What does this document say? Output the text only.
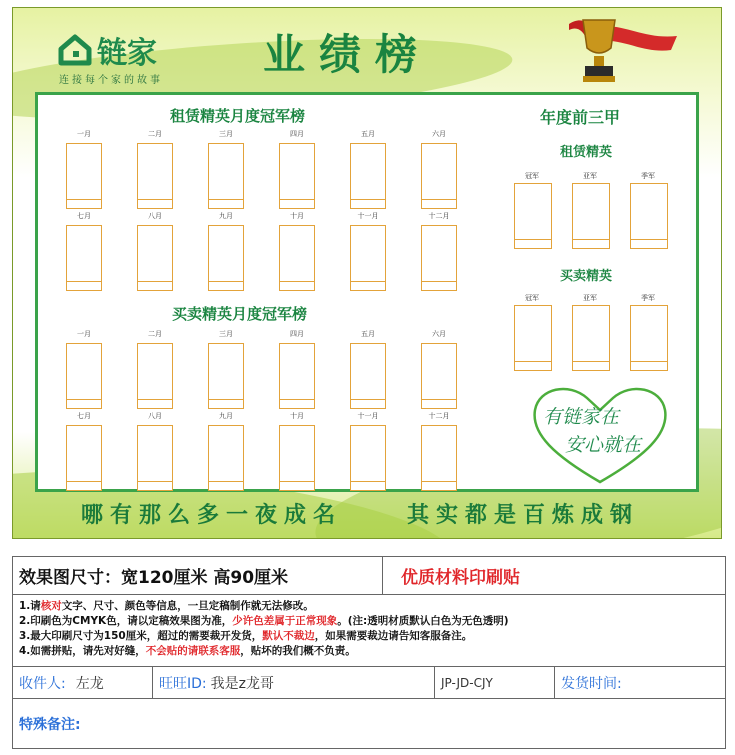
链家
连接每个家的故事
业绩榜
租赁精英月度冠军榜
买卖精英月度冠军榜
一月	二月	三月	四月	五月	六月
七月	八月	九月	十月	十一月	十二月
一月	二月	三月	四月	五月	六月
七月	八月	九月	十月	十一月	十二月
年度前三甲
租赁精英
买卖精英
冠军	亚军	季军
冠军	亚军	季军
有链家在
安心就在
哪有那么多一夜成名	其实都是百炼成钢
效果图尺寸：宽120厘米 高90厘米	优质材料印刷贴
1.请核对文字、尺寸、颜色等信息，一旦定稿制作就无法修改。
2.印刷色为CMYK色，请以定稿效果图为准，少许色差属于正常现象。(注:透明材质默认白色为无色透明)
3.最大印刷尺寸为150厘米，超过的需要裁开发货，默认不裁边，如果需要裁边请告知客服备注。
4.如需拼贴，请先对好缝，不会贴的请联系客服，贴坏的我们概不负责。
收件人: 左龙	旺旺ID: 我是z龙哥	JP-JD-CJY	发货时间:
特殊备注:
